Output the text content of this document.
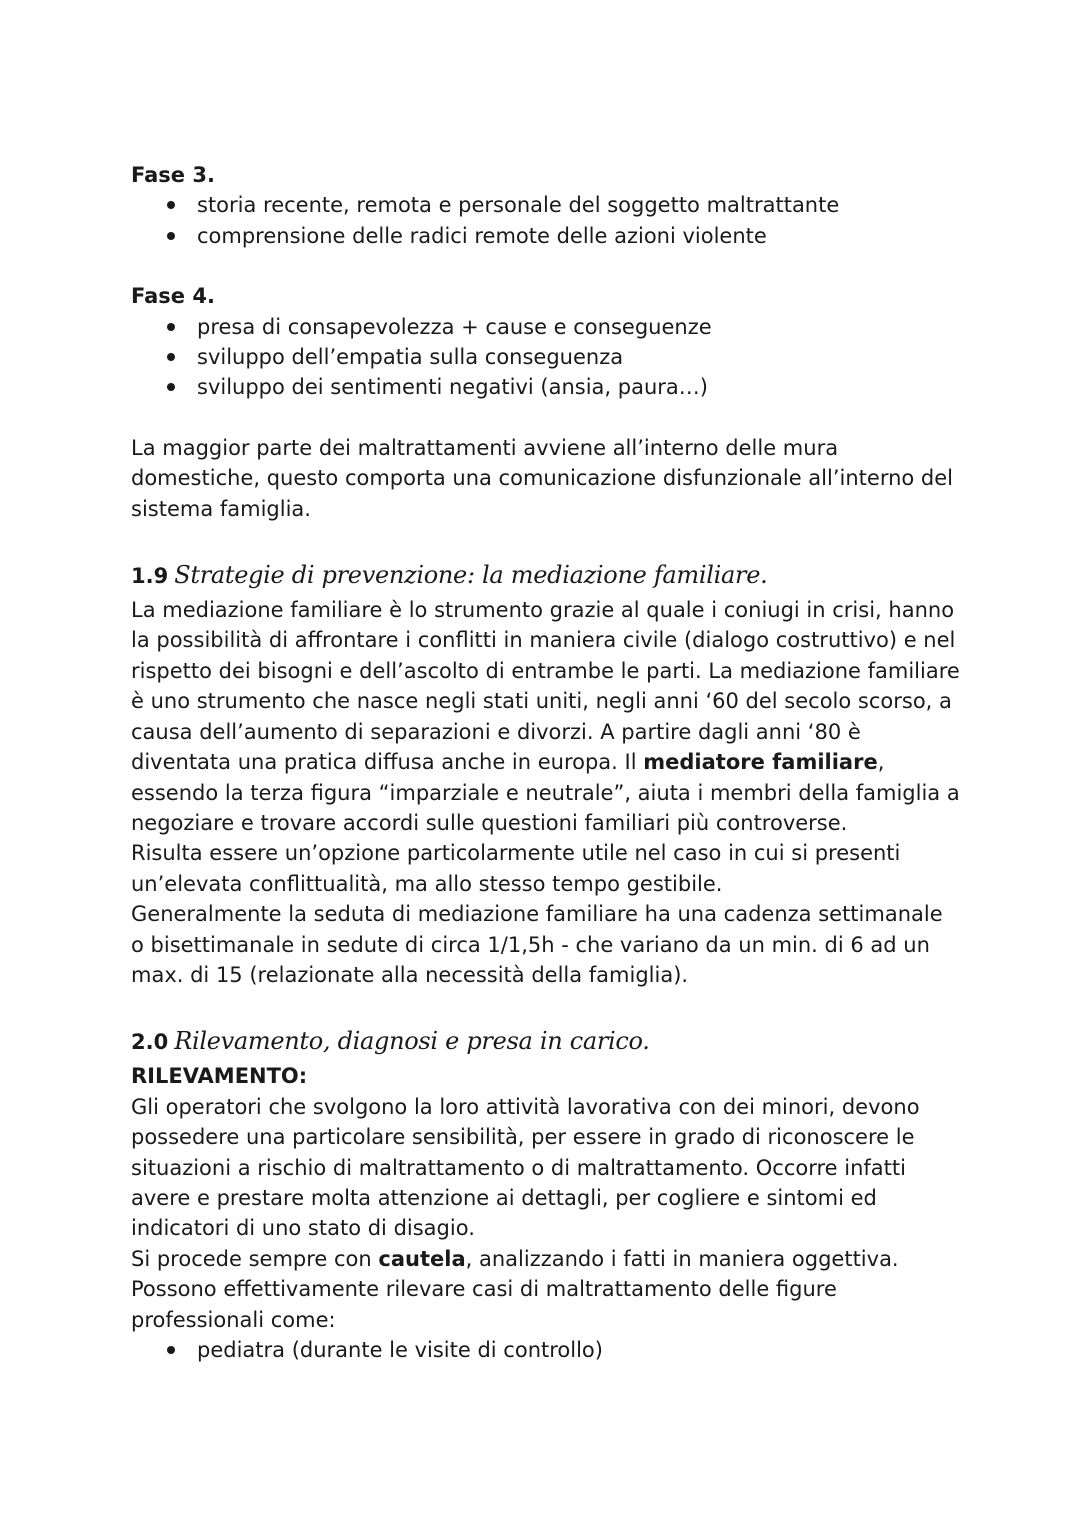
Fase 3.
storia recente, remota e personale del soggetto maltrattante
comprensione delle radici remote delle azioni violente
Fase 4.
presa di consapevolezza + cause e conseguenze
sviluppo dell’empatia sulla conseguenza
sviluppo dei sentimenti negativi (ansia, paura…)

La maggior parte dei maltrattamenti avviene all’interno delle mura domestiche, questo comporta una comunicazione disfunzionale all’interno del sistema famiglia.

1.9 Strategie di prevenzione: la mediazione familiare.

La mediazione familiare è lo strumento grazie al quale i coniugi in crisi, hanno la possibilità di affrontare i conflitti in maniera civile (dialogo costruttivo) e nel rispetto dei bisogni e dell’ascolto di entrambe le parti. La mediazione familiare è uno strumento che nasce negli stati uniti, negli anni ‘60 del secolo scorso, a causa dell’aumento di separazioni e divorzi. A partire dagli anni ‘80 è diventata una pratica diffusa anche in europa. Il mediatore familiare, essendo la terza figura “imparziale e neutrale”, aiuta i membri della famiglia a negoziare e trovare accordi sulle questioni familiari più controverse.

Risulta essere un’opzione particolarmente utile nel caso in cui si presenti un’elevata conflittualità, ma allo stesso tempo gestibile.

Generalmente la seduta di mediazione familiare ha una cadenza settimanale o bisettimanale in sedute di circa 1/1,5h - che variano da un min. di 6 ad un max. di 15 (relazionate alla necessità della famiglia).

2.0 Rilevamento, diagnosi e presa in carico.
RILEVAMENTO:

Gli operatori che svolgono la loro attività lavorativa con dei minori, devono possedere una particolare sensibilità, per essere in grado di riconoscere le situazioni a rischio di maltrattamento o di maltrattamento. Occorre infatti avere e prestare molta attenzione ai dettagli, per cogliere e sintomi ed indicatori di uno stato di disagio.

Si procede sempre con cautela, analizzando i fatti in maniera oggettiva.

Possono effettivamente rilevare casi di maltrattamento delle figure professionali come:

pediatra (durante le visite di controllo)
